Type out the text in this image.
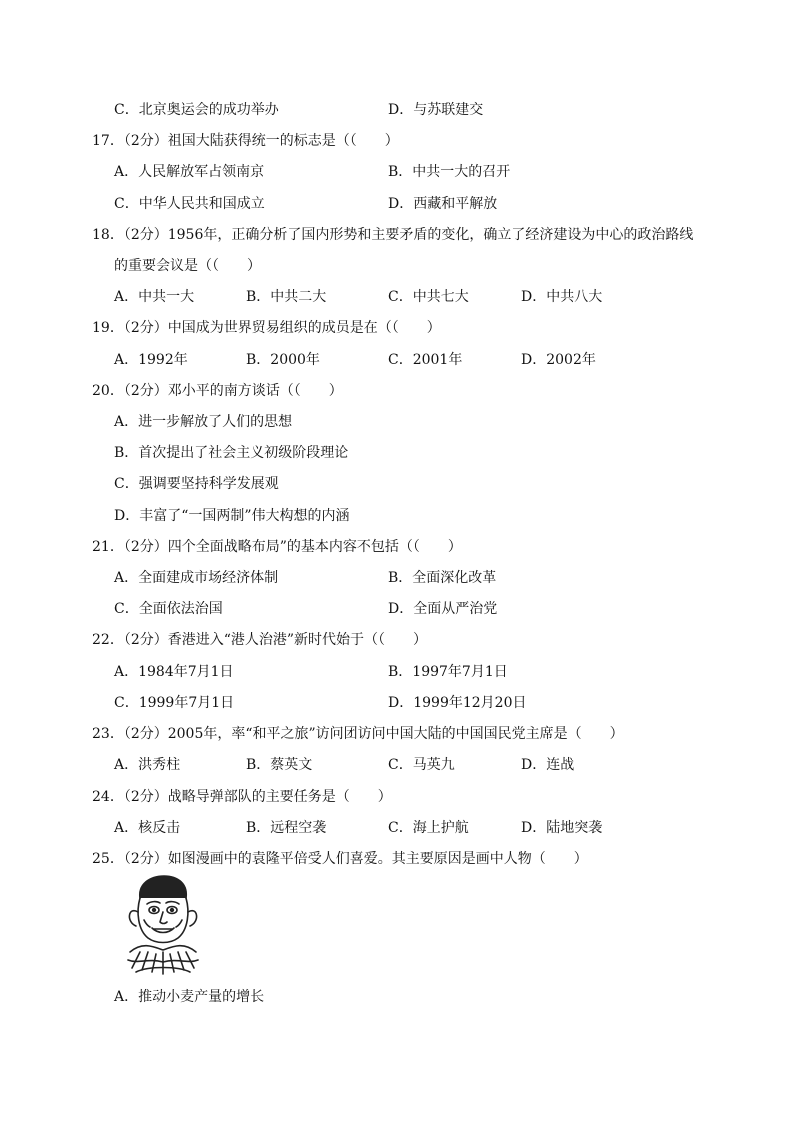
C．北京奥运会的成功举办	D．与苏联建交
17．（2分）祖国大陆获得统一的标志是（（　　）
A．人民解放军占领南京	B．中共一大的召开
C．中华人民共和国成立	D．西藏和平解放
18．（2分）1956年，正确分析了国内形势和主要矛盾的变化，确立了经济建设为中心的政治路线
的重要会议是（（　　）
A．中共一大	B．中共二大	C．中共七大	D．中共八大
19．（2分）中国成为世界贸易组织的成员是在（（　　）
A．1992年	B．2000年	C．2001年	D．2002年
20．（2分）邓小平的南方谈话（（　　）
A．进一步解放了人们的思想
B．首次提出了社会主义初级阶段理论
C．强调要坚持科学发展观
D．丰富了“一国两制”伟大构想的内涵
21．（2分）四个全面战略布局”的基本内容不包括（（　　）
A．全面建成市场经济体制	B．全面深化改革
C．全面依法治国	D．全面从严治党
22．（2分）香港进入“港人治港”新时代始于（（　　）
A．1984年7月1日	B．1997年7月1日
C．1999年7月1日	D．1999年12月20日
23．（2分）2005年，率“和平之旅”访问团访问中国大陆的中国国民党主席是（　　）
A．洪秀柱	B．蔡英文	C．马英九	D．连战
24．（2分）战略导弹部队的主要任务是（　　）
A．核反击	B．远程空袭	C．海上护航	D．陆地突袭
25．（2分）如图漫画中的袁隆平倍受人们喜爱。其主要原因是画中人物（　　）
A．推动小麦产量的增长
